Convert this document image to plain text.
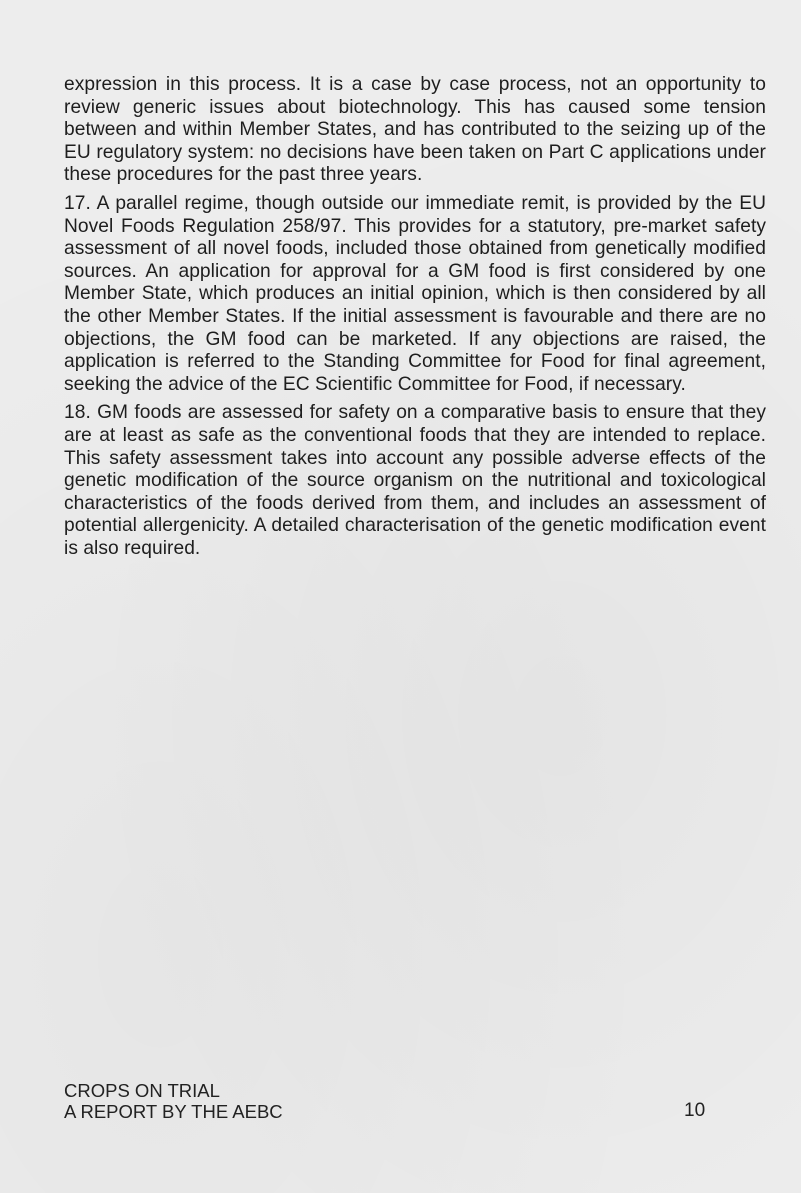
expression in this process. It is a case by case process, not an opportunity to review generic issues about biotechnology. This has caused some tension between and within Member States, and has contributed to the seizing up of the EU regulatory system: no decisions have been taken on Part C applications under these procedures for the past three years.

17. A parallel regime, though outside our immediate remit, is provided by the EU Novel Foods Regulation 258/97. This provides for a statutory, pre-market safety assessment of all novel foods, included those obtained from genetically modified sources. An application for approval for a GM food is first considered by one Member State, which produces an initial opinion, which is then considered by all the other Member States. If the initial assessment is favourable and there are no objections, the GM food can be marketed. If any objections are raised, the application is referred to the Standing Committee for Food for final agreement, seeking the advice of the EC Scientific Committee for Food, if necessary.

18. GM foods are assessed for safety on a comparative basis to ensure that they are at least as safe as the conventional foods that they are intended to replace. This safety assessment takes into account any possible adverse effects of the genetic modification of the source organism on the nutritional and toxicological characteristics of the foods derived from them, and includes an assessment of potential allergenicity. A detailed characterisation of the genetic modification event is also required.

CROPS ON TRIAL
A REPORT BY THE AEBC	10
